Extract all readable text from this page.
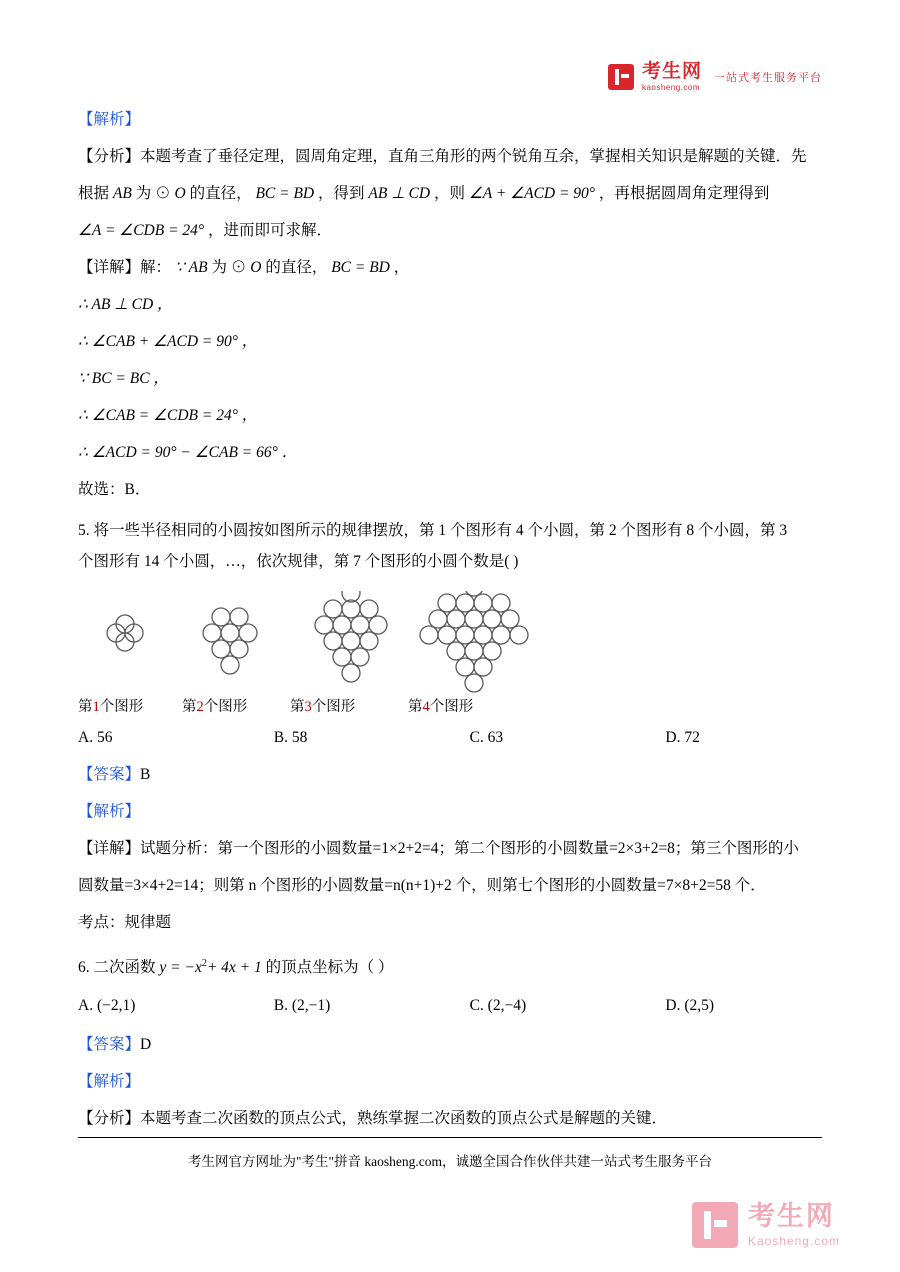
考生网
kaosheng.com
一站式考生服务平台

【解析】

【分析】本题考查了垂径定理，圆周角定理，直角三角形的两个锐角互余，掌握相关知识是解题的关键．先

根据 AB 为 ⊙ O 的直径， BC = BD ，得到 AB ⊥ CD ，则 ∠A + ∠ACD = 90° ，再根据圆周角定理得到

∠A = ∠CDB = 24° ，进而即可求解．

【详解】解： ∵ AB 为 ⊙ O 的直径， BC = BD ，

∴ AB ⊥ CD ，

∴ ∠CAB + ∠ACD = 90° ，

∵ BC = BC ，

∴ ∠CAB = ∠CDB = 24° ，

∴ ∠ACD = 90° − ∠CAB = 66° ．

故选：B．

5. 将一些半径相同的小圆按如图所示的规律摆放，第 1 个图形有 4 个小圆，第 2 个图形有 8 个小圆，第 3

个图形有 14 个小圆，…，依次规律，第 7 个图形的小圆个数是( )

第1个图形	第2个图形	第3个图形	第4个图形
A. 56	B. 58	C. 63	D. 72

【答案】B

【解析】

【详解】试题分析：第一个图形的小圆数量=1×2+2=4；第二个图形的小圆数量=2×3+2=8；第三个图形的小

圆数量=3×4+2=14；则第 n 个图形的小圆数量=n(n+1)+2 个，则第七个图形的小圆数量=7×8+2=58 个．

考点：规律题

6. 二次函数 $y = -x^2+ 4x + 1$ 的顶点坐标为（ ）

A. (−2,1)	B. (2,−1)	C. (2,−4)	D. (2,5)

【答案】D

【解析】

【分析】本题考查二次函数的顶点公式，熟练掌握二次函数的顶点公式是解题的关键．

考生网官方网址为"考生"拼音 kaosheng.com，诚邀全国合作伙伴共建一站式考生服务平台
考生网
Kaosheng.com
